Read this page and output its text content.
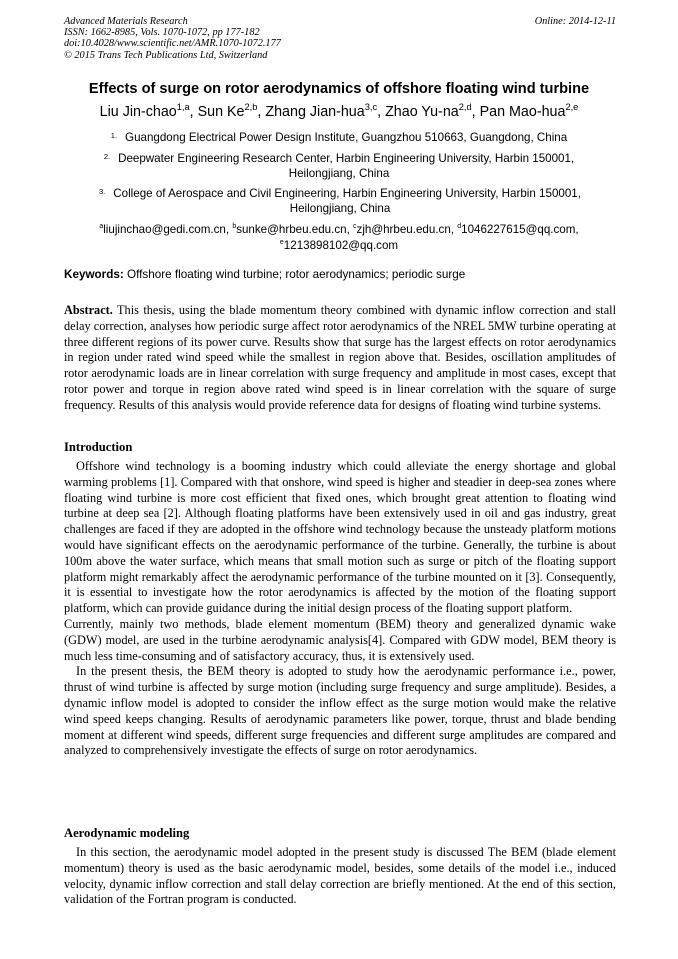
Advanced Materials Research
ISSN: 1662-8985, Vols. 1070-1072, pp 177-182
doi:10.4028/www.scientific.net/AMR.1070-1072.177
© 2015 Trans Tech Publications Ltd, Switzerland
Online: 2014-12-11
Effects of surge on rotor aerodynamics of offshore floating wind turbine
Liu Jin-chao$^{1,a}$, Sun Ke$^{2,b}$, Zhang Jian-hua$^{3,c}$, Zhao Yu-na$^{2,d}$, Pan Mao-hua$^{2,e}$
$^{1.}$ Guangdong Electrical Power Design Institute, Guangzhou 510663, Guangdong, China
$^{2.}$ Deepwater Engineering Research Center, Harbin Engineering University, Harbin 150001, Heilongjiang, China
$^{3.}$ College of Aerospace and Civil Engineering, Harbin Engineering University, Harbin 150001, Heilongjiang, China
$^a$liujinchao@gedi.com.cn, $^b$sunke@hrbeu.edu.cn, $^c$zjh@hrbeu.edu.cn, $^d$1046227615@qq.com,
$^e$1213898102@qq.com
Keywords: Offshore floating wind turbine; rotor aerodynamics; periodic surge

Abstract. This thesis, using the blade momentum theory combined with dynamic inflow correction and stall delay correction, analyses how periodic surge affect rotor aerodynamics of the NREL 5MW turbine operating at three different regions of its power curve. Results show that surge has the largest effects on rotor aerodynamics in region under rated wind speed while the smallest in region above that. Besides, oscillation amplitudes of rotor aerodynamic loads are in linear correlation with surge frequency and amplitude in most cases, except that rotor power and torque in region above rated wind speed is in linear correlation with the square of surge frequency. Results of this analysis would provide reference data for designs of floating wind turbine systems.

Introduction

Offshore wind technology is a booming industry which could alleviate the energy shortage and global warming problems [1]. Compared with that onshore, wind speed is higher and steadier in deep-sea zones where floating wind turbine is more cost efficient that fixed ones, which brought great attention to floating wind turbine at deep sea [2]. Although floating platforms have been extensively used in oil and gas industry, great challenges are faced if they are adopted in the offshore wind technology because the unsteady platform motions would have significant effects on the aerodynamic performance of the turbine. Generally, the turbine is about 100m above the water surface, which means that small motion such as surge or pitch of the floating support platform might remarkably affect the aerodynamic performance of the turbine mounted on it [3]. Consequently, it is essential to investigate how the rotor aerodynamics is affected by the motion of the floating support platform, which can provide guidance during the initial design process of the floating support platform.

Currently, mainly two methods, blade element momentum (BEM) theory and generalized dynamic wake (GDW) model, are used in the turbine aerodynamic analysis[4]. Compared with GDW model, BEM theory is much less time-consuming and of satisfactory accuracy, thus, it is extensively used.

In the present thesis, the BEM theory is adopted to study how the aerodynamic performance i.e., power, thrust of wind turbine is affected by surge motion (including surge frequency and surge amplitude). Besides, a dynamic inflow model is adopted to consider the inflow effect as the surge motion would make the relative wind speed keeps changing. Results of aerodynamic parameters like power, torque, thrust and blade bending moment at different wind speeds, different surge frequencies and different surge amplitudes are compared and analyzed to comprehensively investigate the effects of surge on rotor aerodynamics.

Aerodynamic modeling

In this section, the aerodynamic model adopted in the present study is discussed The BEM (blade element momentum) theory is used as the basic aerodynamic model, besides, some details of the model i.e., induced velocity, dynamic inflow correction and stall delay correction are briefly mentioned. At the end of this section, validation of the Fortran program is conducted.
